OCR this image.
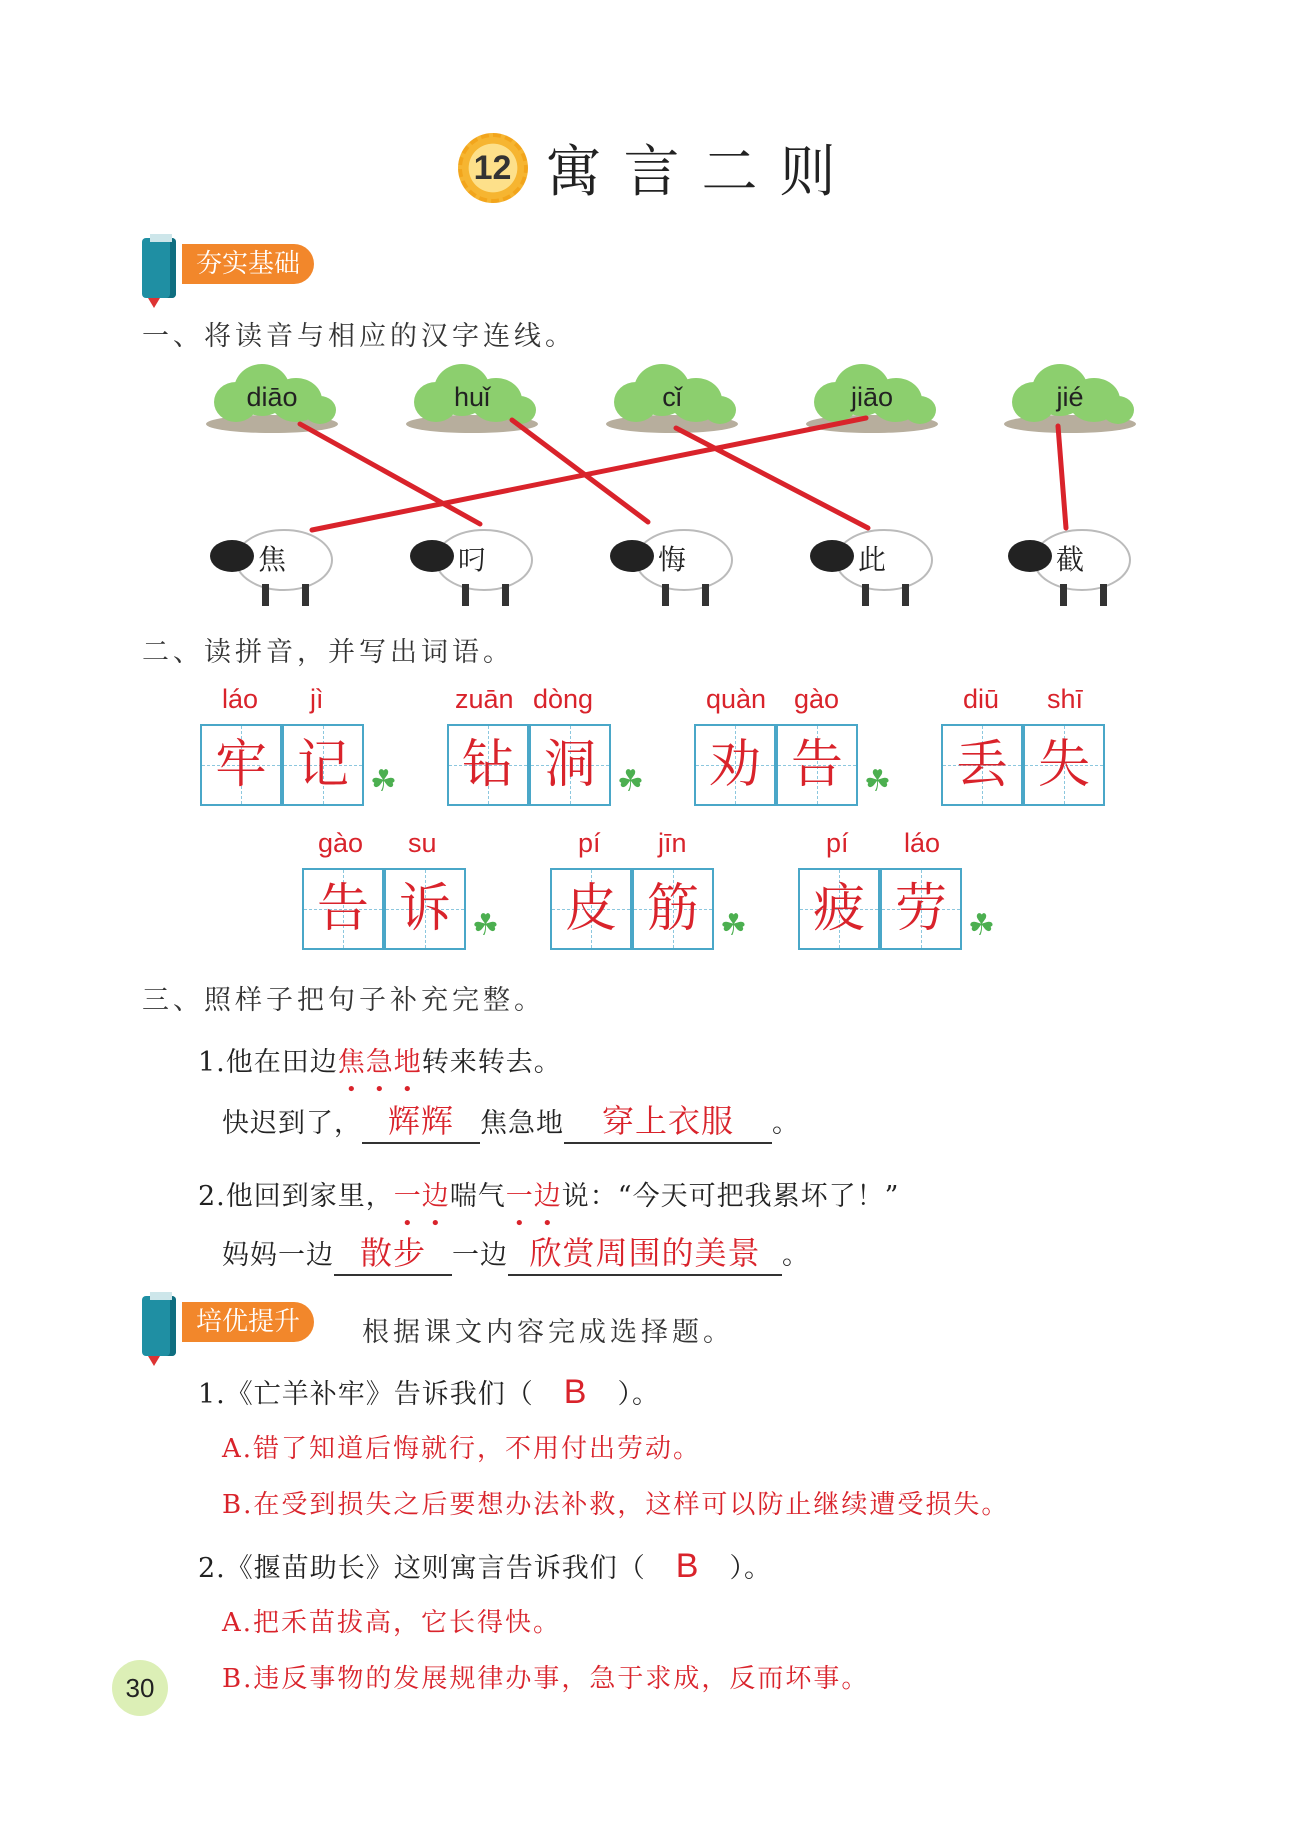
12 寓言二则
夯实基础
一、将读音与相应的汉字连线。
diāo	huǐ	cǐ	jiāo	jié
焦	叼	悔	此	截
二、读拼音，并写出词语。
láo jì
牢 记 ☘
zuān dòng
钻 洞 ☘
quàn gào
劝 告 ☘
diū shī
丢 失
gào su
告 诉 ☘
pí jīn
皮 筋 ☘
pí láo
疲 劳 ☘
三、照样子把句子补充完整。
1.他在田边焦急地转来转去。
快迟到了， 辉辉 焦急地 穿上衣服 。
2.他回到家里，一边喘气一边说：“今天可把我累坏了！”
妈妈一边 散步 一边 欣赏周围的美景 。
培优提升	根据课文内容完成选择题。
1.《亡羊补牢》告诉我们（ B ）。
A.错了知道后悔就行，不用付出劳动。
B.在受到损失之后要想办法补救，这样可以防止继续遭受损失。
2.《揠苗助长》这则寓言告诉我们（ B ）。
A.把禾苗拔高，它长得快。
B.违反事物的发展规律办事，急于求成，反而坏事。
30
